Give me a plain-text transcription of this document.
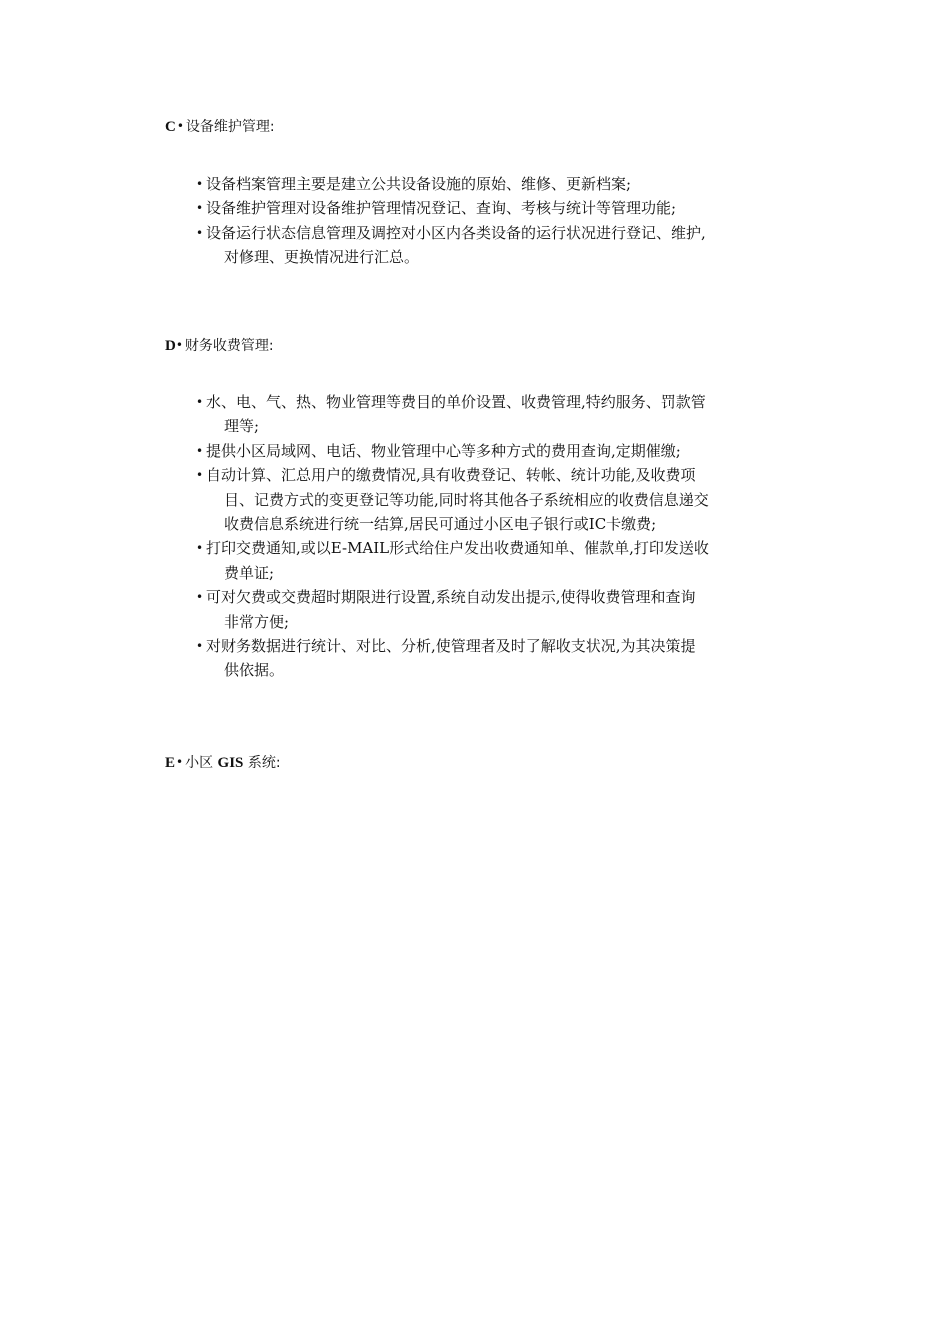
C• 设备维护管理:
• 设备档案管理主要是建立公共设备设施的原始、维修、更新档案;
• 设备维护管理对设备维护管理情况登记、查询、考核与统计等管理功能;
• 设备运行状态信息管理及调控对小区内各类设备的运行状况进行登记、维护,
对修理、更换情况进行汇总。
D• 财务收费管理:
• 水、电、气、热、物业管理等费目的单价设置、收费管理,特约服务、罚款管
理等;
• 提供小区局域网、电话、物业管理中心等多种方式的费用查询,定期催缴;
• 自动计算、汇总用户的缴费情况,具有收费登记、转帐、统计功能,及收费项
目、记费方式的变更登记等功能,同时将其他各子系统相应的收费信息递交
收费信息系统进行统一结算,居民可通过小区电子银行或IC卡缴费;
• 打印交费通知,或以E-MAIL形式给住户发出收费通知单、催款单,打印发送收
费单证;
• 可对欠费或交费超时期限进行设置,系统自动发出提示,使得收费管理和查询
非常方便;
• 对财务数据进行统计、对比、分析,使管理者及时了解收支状况,为其决策提
供依据。
E• 小区 GIS 系统:
